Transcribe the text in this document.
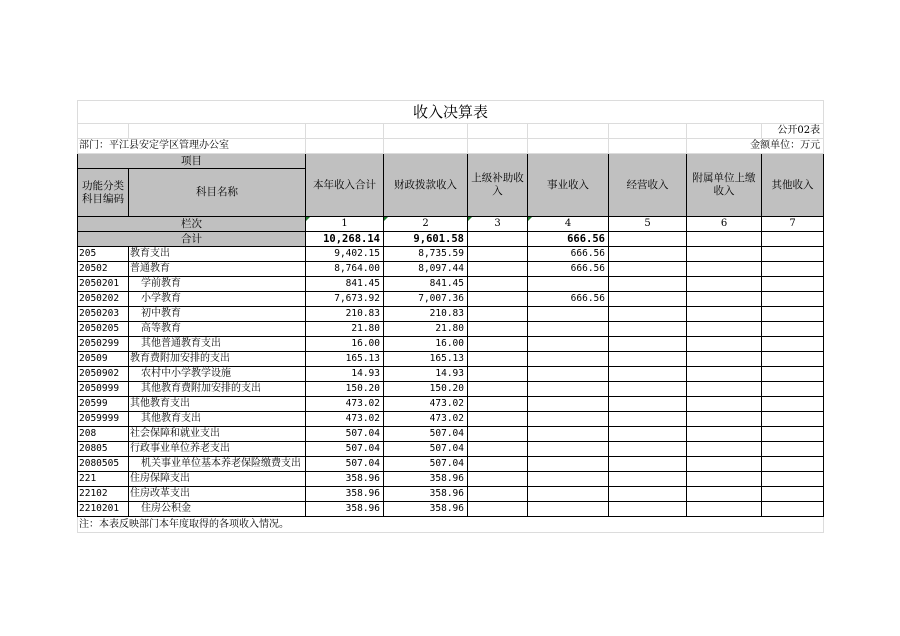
收入决算表								
								公开02表
部门：平江县安定学区管理办公室							金额单位：万元	
项目		本年收入合计	财政拨款收入	上级补助收入	事业收入	经营收入	附属单位上缴收入	其他收入
功能分类科目编码	科目名称							
栏次		1	2	3	4	5	6	7
合计		10,268.14	9,601.58		666.56			
205	教育支出	9,402.15	8,735.59		666.56			
20502	普通教育	8,764.00	8,097.44		666.56			
2050201	学前教育	841.45	841.45					
2050202	小学教育	7,673.92	7,007.36		666.56			
2050203	初中教育	210.83	210.83					
2050205	高等教育	21.80	21.80					
2050299	其他普通教育支出	16.00	16.00					
20509	教育费附加安排的支出	165.13	165.13					
2050902	农村中小学教学设施	14.93	14.93					
2050999	其他教育费附加安排的支出	150.20	150.20					
20599	其他教育支出	473.02	473.02					
2059999	其他教育支出	473.02	473.02					
208	社会保障和就业支出	507.04	507.04					
20805	行政事业单位养老支出	507.04	507.04					
2080505	机关事业单位基本养老保险缴费支出	507.04	507.04					
221	住房保障支出	358.96	358.96					
22102	住房改革支出	358.96	358.96					
2210201	住房公积金	358.96	358.96					
注：本表反映部门本年度取得的各项收入情况。								
